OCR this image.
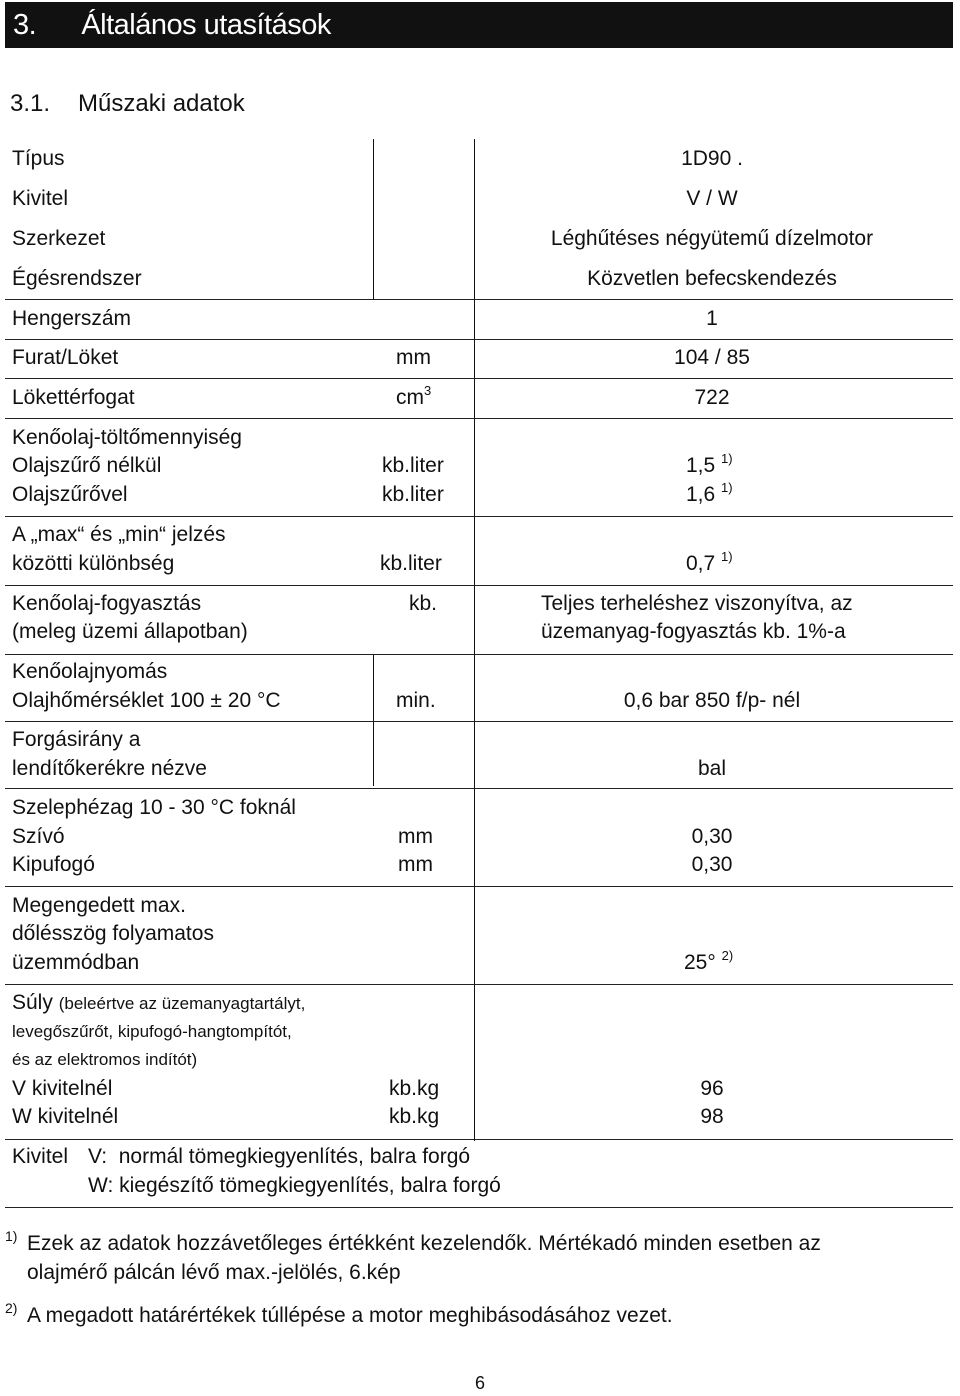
3. Általános utasítások
3.1. Műszaki adatok
Típus	1D90 .
Kivitel	V / W
Szerkezet	Léghűtéses négyütemű dízelmotor
Égésrendszer	Közvetlen befecskendezés
Hengerszám	1
Furat/Löket	mm	104 / 85
Lökettérfogat	$cm^3$	722
Kenőolaj-töltőmennyiség
Olajszűrő nélkül	kb.liter	1,5 $^{1)}$
Olajszűrővel	kb.liter	1,6 $^{1)}$
A „max“ és „min“ jelzés
közötti különbség	kb.liter	0,7 $^{1)}$
Kenőolaj-fogyasztás
(meleg üzemi állapotban)
kb.	Teljes terheléshez viszonyítva, az
üzemanyag-fogyasztás kb. 1%-a
Kenőolajnyomás
Olajhőmérséklet 100 ± 20 °C	min.	0,6 bar 850 f/p- nél
Forgásirány a
lendítőkerékre nézve	bal
Szelephézag 10 - 30 °C foknál
Szívó	mm	0,30
Kipufogó	mm	0,30
Megengedett max.
dőlésszög folyamatos
üzemmódban	25° $^{2)}$
Súly (beleértve az üzemanyagtartályt,
levegőszűrőt, kipufogó-hangtompítót,
és az elektromos indítót)
V kivitelnél	kb.kg	96
W kivitelnél	kb.kg	98
Kivitel V: normál tömegkiegyenlítés, balra forgó
W: kiegészítő tömegkiegyenlítés, balra forgó
1) Ezek az adatok hozzávetőleges értékként kezelendők. Mértékadó minden esetben az
olajmérő pálcán lévő max.-jelölés, 6.kép
2) A megadott határértékek túllépése a motor meghibásodásához vezet.
6
